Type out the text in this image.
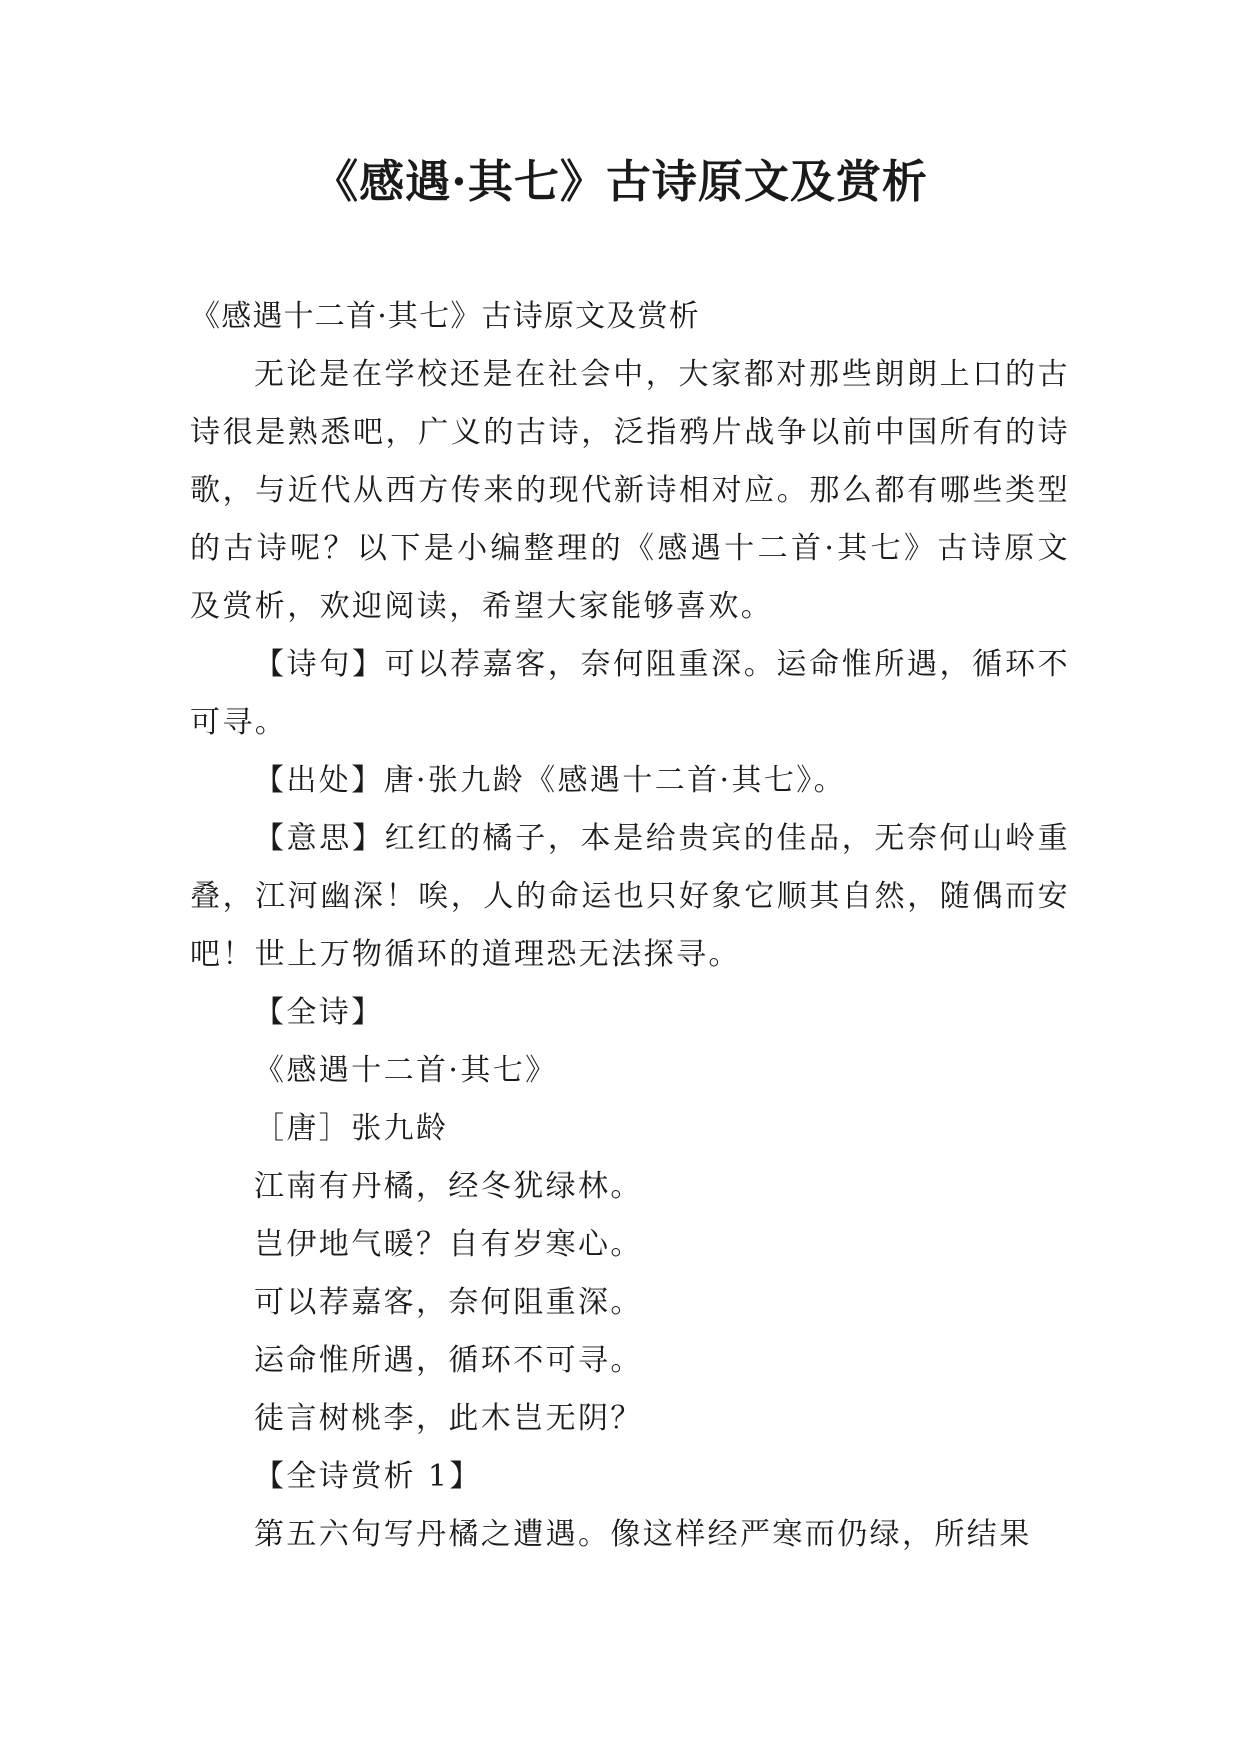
《感遇·其七》古诗原文及赏析

《感遇十二首·其七》古诗原文及赏析

无论是在学校还是在社会中，大家都对那些朗朗上口的古诗很是熟悉吧，广义的古诗，泛指鸦片战争以前中国所有的诗歌，与近代从西方传来的现代新诗相对应。那么都有哪些类型的古诗呢？以下是小编整理的《感遇十二首·其七》古诗原文及赏析，欢迎阅读，希望大家能够喜欢。

【诗句】可以荐嘉客，奈何阻重深。运命惟所遇，循环不可寻。

【出处】唐·张九龄《感遇十二首·其七》。

【意思】红红的橘子，本是给贵宾的佳品，无奈何山岭重叠，江河幽深！唉，人的命运也只好象它顺其自然，随偶而安吧！世上万物循环的道理恐无法探寻。

【全诗】

《感遇十二首·其七》

［唐］张九龄

江南有丹橘，经冬犹绿林。

岂伊地气暖？自有岁寒心。

可以荐嘉客，奈何阻重深。

运命惟所遇，循环不可寻。

徒言树桃李，此木岂无阴？

【全诗赏析 1】

第五六句写丹橘之遭遇。像这样经严寒而仍绿，所结果
